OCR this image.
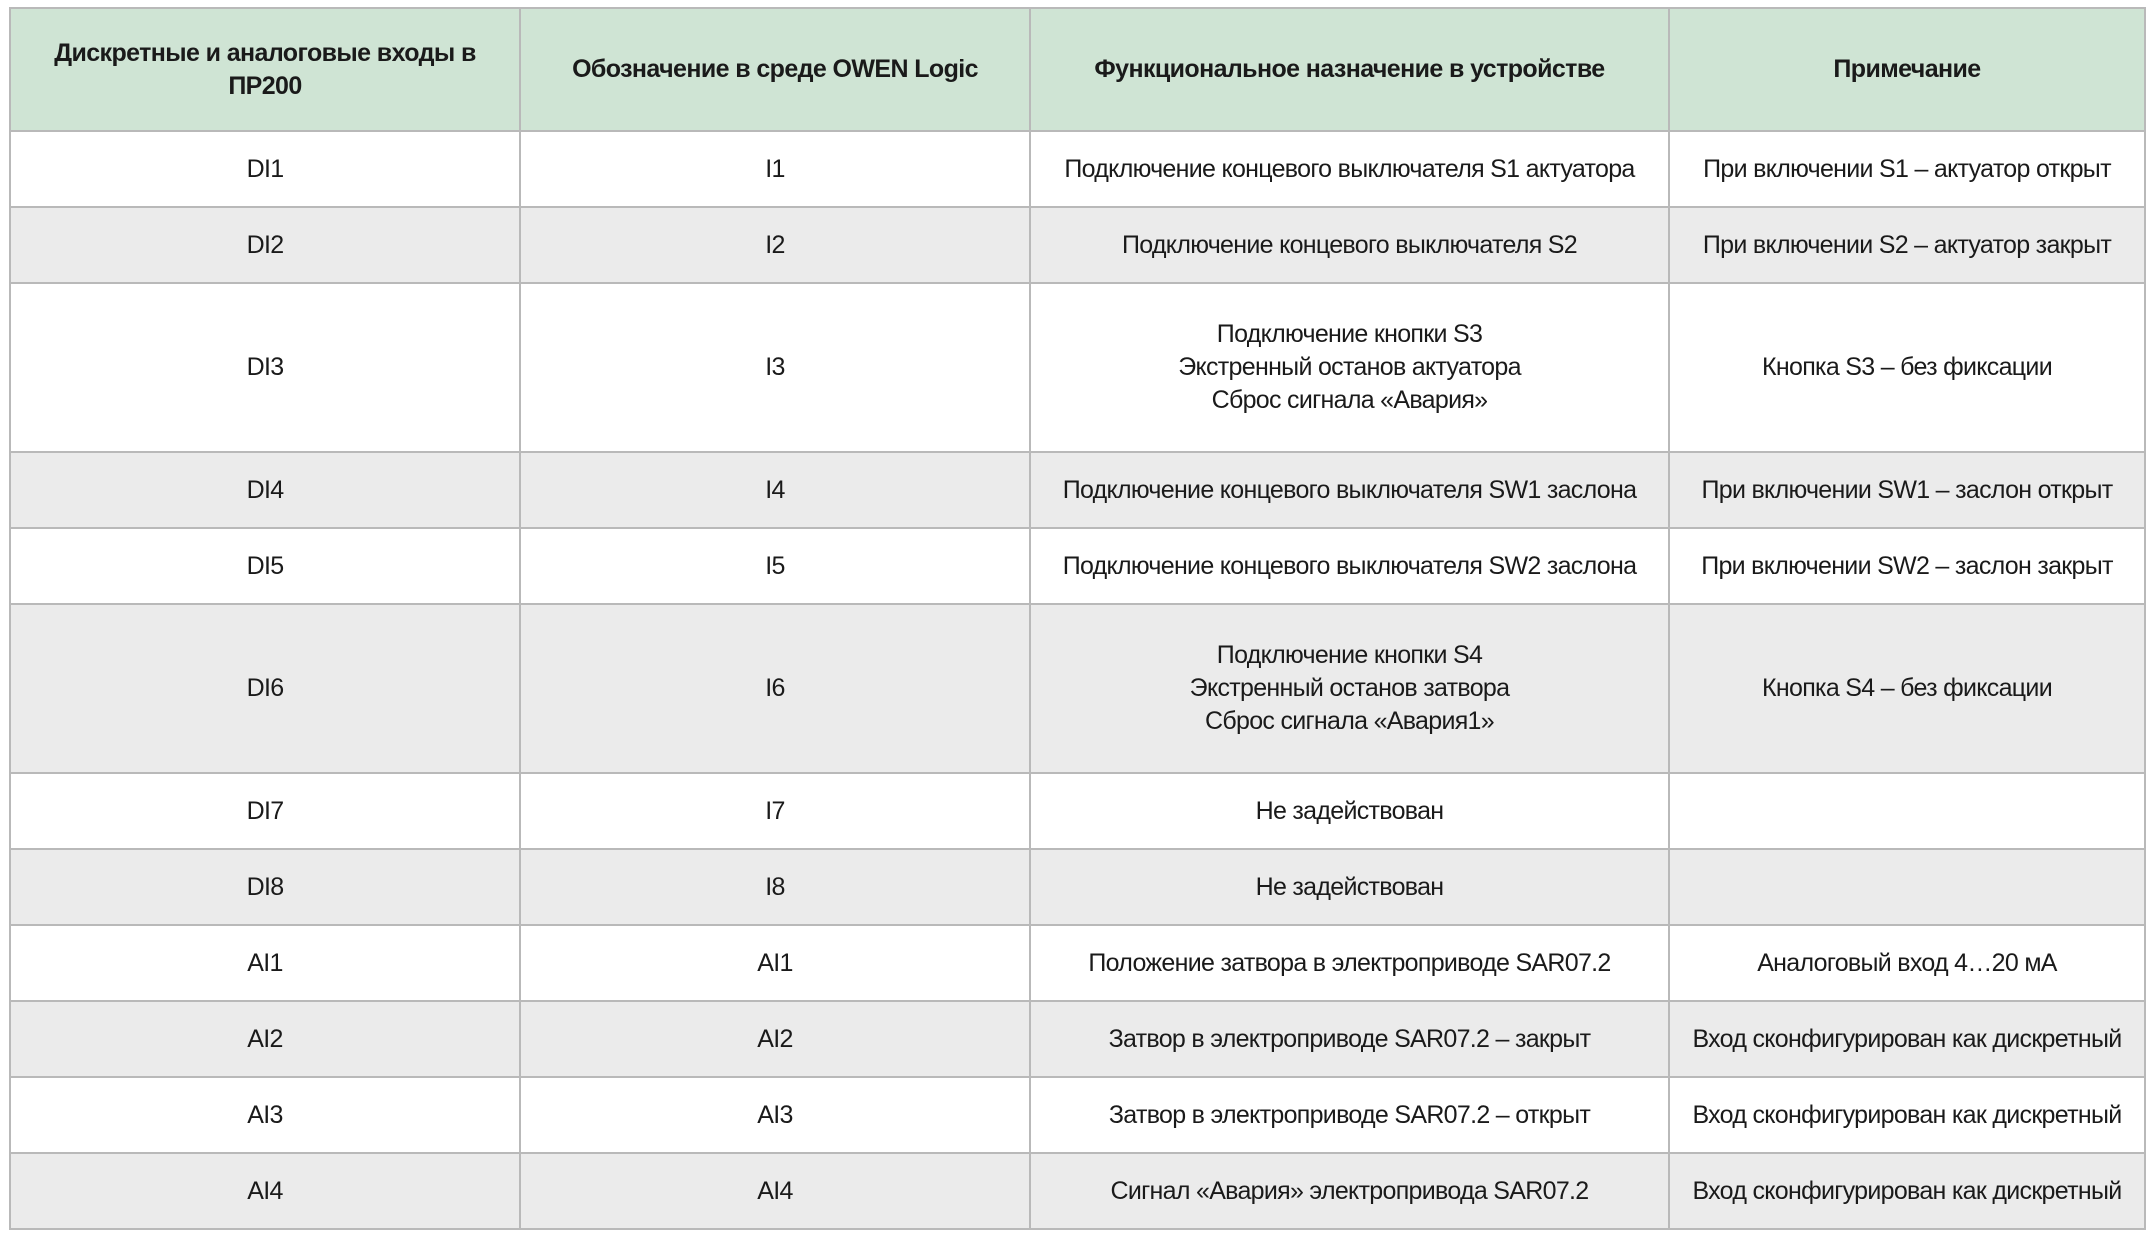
Дискретные и аналоговые входы в ПР200	Обозначение в среде OWEN Logic	Функциональное назначение в устройстве	Примечание
DI1	I1	Подключение концевого выключателя S1 актуатора	При включении S1 – актуатор открыт
DI2	I2	Подключение концевого выключателя S2	При включении S2 – актуатор закрыт
DI3	I3	Подключение кнопки S3
Экстренный останов актуатора
Сброс сигнала «Авария»	Кнопка S3 – без фиксации
DI4	I4	Подключение концевого выключателя SW1 заслона	При включении SW1 – заслон открыт
DI5	I5	Подключение концевого выключателя SW2 заслона	При включении SW2 – заслон закрыт
DI6	I6	Подключение кнопки S4
Экстренный останов затвора
Сброс сигнала «Авария1»	Кнопка S4 – без фиксации
DI7	I7	Не задействован	

DI8	I8	Не задействован	

AI1	AI1	Положение затвора в электроприводе SAR07.2	Аналоговый вход 4…20 мА
AI2	AI2	Затвор в электроприводе SAR07.2 – закрыт	Вход сконфигурирован как дискретный
AI3	AI3	Затвор в электроприводе SAR07.2 – открыт	Вход сконфигурирован как дискретный
AI4	AI4	Сигнал «Авария» электропривода SAR07.2	Вход сконфигурирован как дискретный
